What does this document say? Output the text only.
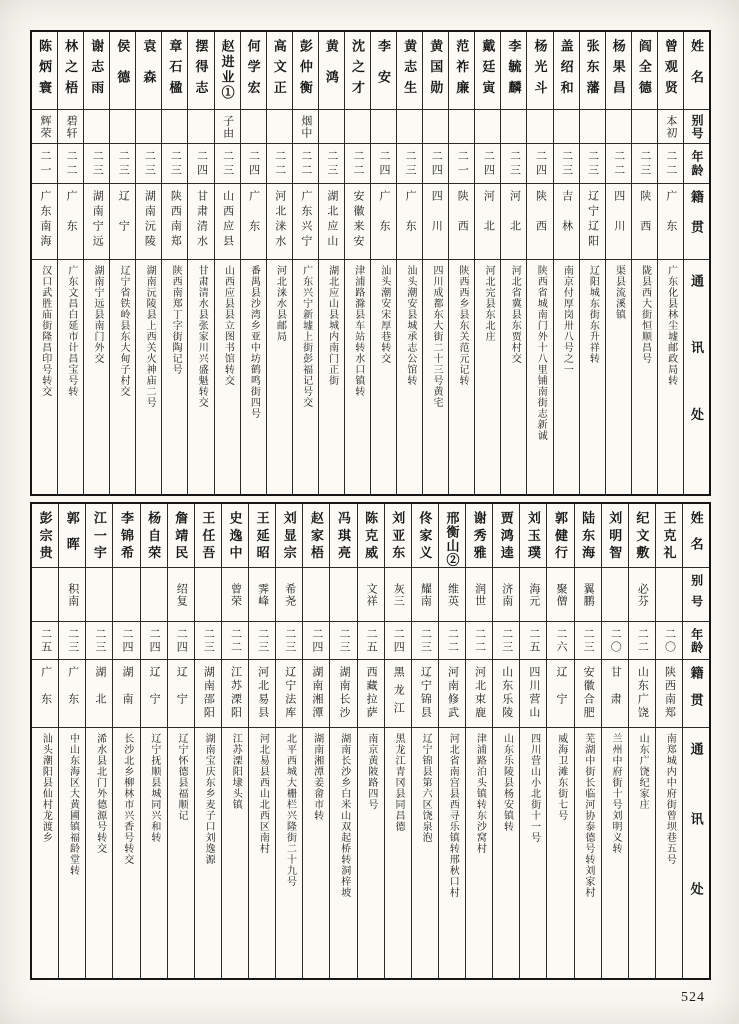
陈炳寰
辉荣
二一
广东南海
汉口武胜庙街隆昌印号转交
林之梧
碧轩
二二
广东
广东文昌白延市计昌宝号转
谢志雨
二三
湖南宁远
湖南宁远县南门外交
侯德
二三
辽宁
辽宁省铁岭县东大甸子村交
袁森
二三
湖南沅陵
湖南沅陵县上西关火神庙二号
章石楹
二三
陕西南郑
陕西南郑丁字街陶记号
摆得志
二四
甘肃清水
甘肃清水县张家川兴盛魁转交
赵进业①
子由
二三
山西应县
山西应县县立图书馆转交
何学宏
二四
广东
番禺县沙湾乡亚中坊鹤鸣街四号
高文正
二二
河北涞水
河北涞水县邮局
彭仲衡
烟中
二二
广东兴宁
广东兴宁新墟上街彭福记号交
黄鸿
二三
湖北应山
湖北应山县城内南门正街
沈之才
二二
安徽来安
津浦路滁县车站转水口镇转
李安
二四
广东
汕头潮安宋厚巷转交
黄志生
二三
广东
汕头潮安县城承志公馆转
黄国勋
二四
四川
四川成都东大街二十三号黄宅
范祚廉
二一
陕西
陕西西乡县东关范元记转
戴廷寅
二四
河北
河北完县东北庄
李毓麟
二三
河北
河北省冀县东贾村交
杨光斗
二四
陕西
陕西省城南门外十八里铺南街志新诚
盖绍和
二三
吉林
南京付厚岗卅八号之一
张东藩
二三
辽宁辽阳
辽阳城东街东升祥转
杨果昌
二二
四川
渠县流溪镇
阎全德
二三
陕西
陇县西大街恒顺昌号
曾观贤
本初
二二
广东
广东化县林尘墟邮政局转
姓名
别号
年龄
籍贯
通讯处
彭宗贵
二五
广东
汕头潮阳县仙村龙渡乡
郭晖
积南
二三
广东
中山东海区大黄圃镇福龄堂转
江一宇
二三
湖北
浠水县北门外德源号转交
李锦希
二四
湖南
长沙北乡柳林市兴香号转交
杨自荣
二四
辽宁
辽宁抚顺县城同兴和转
詹靖民
绍复
二四
辽宁
辽宁怀德县福顺记
王任吾
二三
湖南邵阳
湖南宝庆东乡麦子口刘逸源
史逸中
曾荣
二二
江苏溧阳
江苏溧阳埭头镇
王延昭
霁峰
二三
河北易县
河北易县西山北西区南村
刘显宗
希尧
二三
辽宁法库
北平西城大栅栏兴隆街二十九号
赵家梧
二四
湖南湘潭
湖南湘潭姜畲市转
冯琪亮
二三
湖南长沙
湖南长沙乡白米山双起桥转洞梓坡
陈克威
文祥
二五
西藏拉萨
南京黄陂路四号
刘亚东
灰三
二四
黑龙江
黑龙江青冈县同昌德
佟家义
耀南
二三
辽宁锦县
辽宁锦县第六区饶泉泡
邢衡山②
维英
二二
河南修武
河北省南宫县西寻乐镇转邢秋口村
谢秀雅
润世
二二
河北束鹿
津浦路泊头镇转东沙窝村
贾鸿逵
济南
二三
山东乐陵
山东乐陵县杨安镇转
刘玉璞
海元
二五
四川营山
四川营山小北街十一号
郭健行
聚僧
二六
辽宁
威海卫滩东街七号
陆东海
翼鹏
二三
安徽合肥
芜湖中街长临河协泰德号转刘家村
刘明智
二〇
甘肃
兰州中府街十号刘明义转
纪文敷
必芬
二二
山东广饶
山东广饶纪家庄
王克礼
二〇
陕西南郑
南郑城内中府街曾坝巷五号
姓名
别号
年龄
籍贯
通讯处
524
